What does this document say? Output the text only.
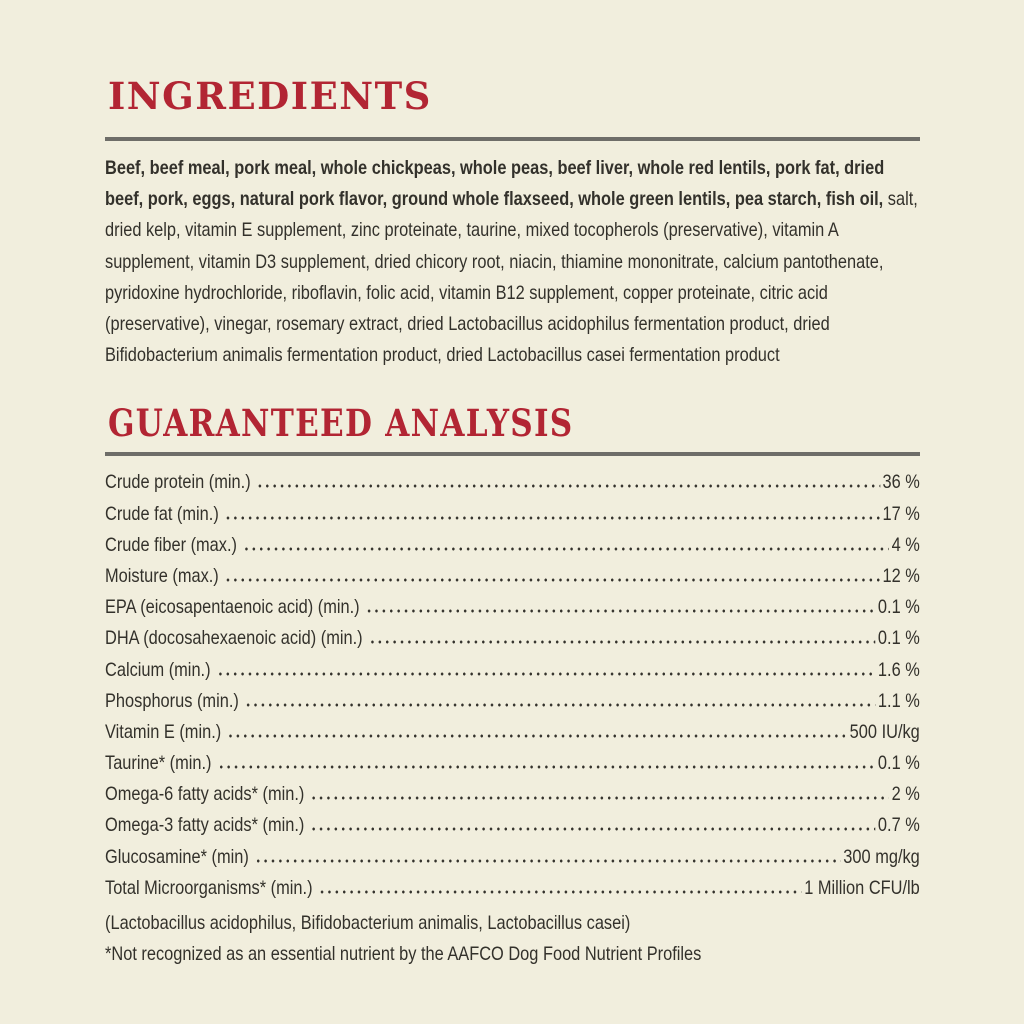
INGREDIENTS

Beef, beef meal, pork meal, whole chickpeas, whole peas, beef liver, whole red lentils, pork fat, dried beef, pork, eggs, natural pork flavor, ground whole flaxseed, whole green lentils, pea starch, fish oil, salt, dried kelp, vitamin E supplement, zinc proteinate, taurine, mixed tocopherols (preservative), vitamin A supplement, vitamin D3 supplement, dried chicory root, niacin, thiamine mononitrate, calcium pantothenate, pyridoxine hydrochloride, riboflavin, folic acid, vitamin B12 supplement, copper proteinate, citric acid (preservative), vinegar, rosemary extract, dried Lactobacillus acidophilus fermentation product, dried Bifidobacterium animalis fermentation product, dried Lactobacillus casei fermentation product

GUARANTEED ANALYSIS
Crude protein (min.)	36 %
Crude fat (min.)	17 %
Crude fiber (max.)	4 %
Moisture (max.)	12 %
EPA (eicosapentaenoic acid) (min.)	0.1 %
DHA (docosahexaenoic acid) (min.)	0.1 %
Calcium (min.)	1.6 %
Phosphorus (min.)	1.1 %
Vitamin E (min.)	500 IU/kg
Taurine* (min.)	0.1 %
Omega-6 fatty acids* (min.)	2 %
Omega-3 fatty acids* (min.)	0.7 %
Glucosamine* (min)	300 mg/kg
Total Microorganisms* (min.)	1 Million CFU/lb
(Lactobacillus acidophilus, Bifidobacterium animalis, Lactobacillus casei)
*Not recognized as an essential nutrient by the AAFCO Dog Food Nutrient Profiles
